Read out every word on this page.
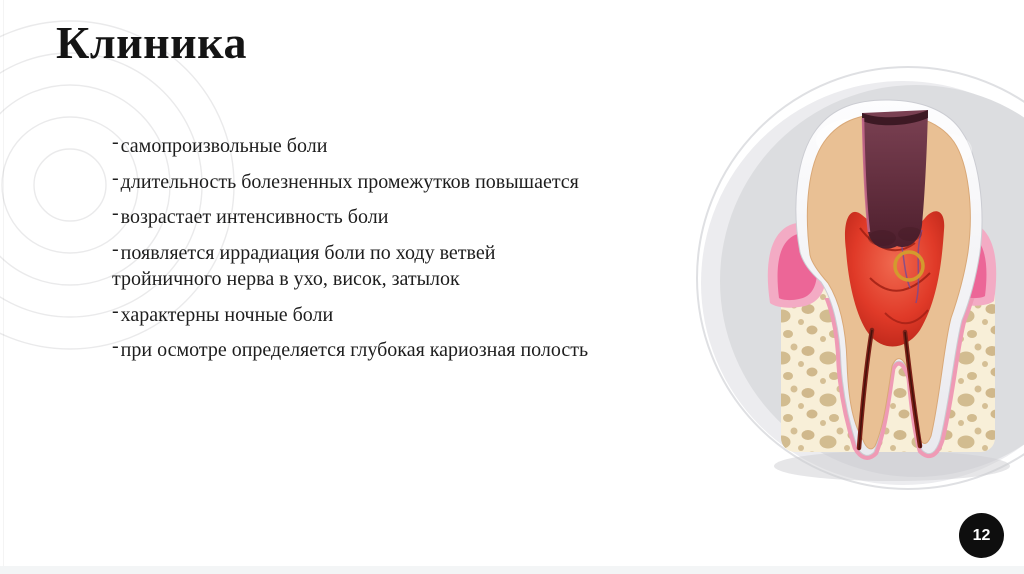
Клиника

- самопроизвольные боли

- длительность болезненных промежутков повышается

- возрастает интенсивность боли

- появляется иррадиация боли по ходу ветвей тройничного нерва в ухо, висок, затылок

- характерны ночные боли

- при осмотре определяется глубокая кариозная полость

12
